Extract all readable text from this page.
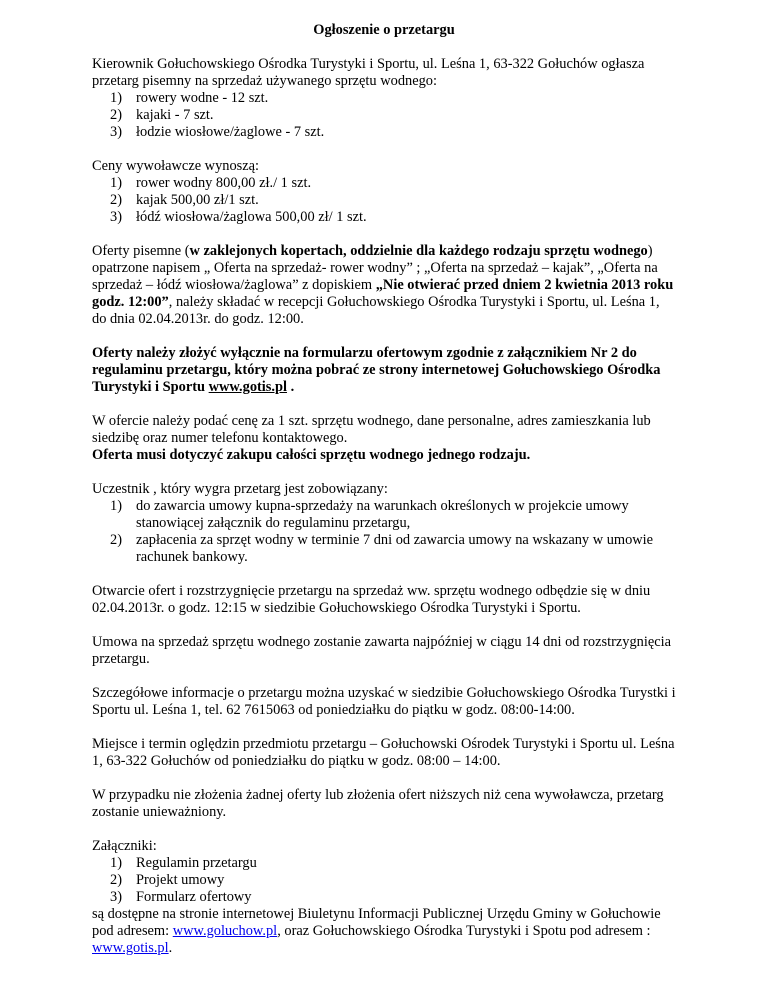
Ogłoszenie o przetargu

Kierownik Gołuchowskiego Ośrodka Turystyki i Sportu, ul. Leśna 1, 63-322 Gołuchów ogłasza przetarg pisemny na sprzedaż używanego sprzętu wodnego:

1) rowery wodne - 12 szt.
2) kajaki - 7 szt.
3) łodzie wiosłowe/żaglowe - 7 szt.

Ceny wywoławcze wynoszą:

1) rower wodny 800,00 zł./ 1 szt.
2) kajak 500,00 zł/1 szt.
3) łódź wiosłowa/żaglowa 500,00 zł/ 1 szt.

Oferty pisemne (w zaklejonych kopertach, oddzielnie dla każdego rodzaju sprzętu wodnego) opatrzone napisem „ Oferta na sprzedaż- rower wodny” ; „Oferta na sprzedaż – kajak”, „Oferta na sprzedaż – łódź wiosłowa/żaglowa” z dopiskiem „Nie otwierać przed dniem 2 kwietnia 2013 roku godz. 12:00”, należy składać w recepcji Gołuchowskiego Ośrodka Turystyki i Sportu, ul. Leśna 1, do dnia 02.04.2013r. do godz. 12:00.

Oferty należy złożyć wyłącznie na formularzu ofertowym zgodnie z załącznikiem Nr 2 do regulaminu przetargu, który można pobrać ze strony internetowej Gołuchowskiego Ośrodka Turystyki i Sportu www.gotis.pl .

W ofercie należy podać cenę za 1 szt. sprzętu wodnego, dane personalne, adres zamieszkania lub siedzibę oraz numer telefonu kontaktowego.

Oferta musi dotyczyć zakupu całości sprzętu wodnego jednego rodzaju.

Uczestnik , który wygra przetarg jest zobowiązany:

1) do zawarcia umowy kupna-sprzedaży na warunkach określonych w projekcie umowy stanowiącej załącznik do regulaminu przetargu,
2) zapłacenia za sprzęt wodny w terminie 7 dni od zawarcia umowy na wskazany w umowie rachunek bankowy.

Otwarcie ofert i rozstrzygnięcie przetargu na sprzedaż ww. sprzętu wodnego odbędzie się w dniu 02.04.2013r. o godz. 12:15 w siedzibie Gołuchowskiego Ośrodka Turystyki i Sportu.

Umowa na sprzedaż sprzętu wodnego zostanie zawarta najpóźniej w ciągu 14 dni od rozstrzygnięcia przetargu.

Szczegółowe informacje o przetargu można uzyskać w siedzibie Gołuchowskiego Ośrodka Turystki i Sportu ul. Leśna 1, tel. 62 7615063 od poniedziałku do piątku w godz. 08:00-14:00.

Miejsce i termin oględzin przedmiotu przetargu – Gołuchowski Ośrodek Turystyki i Sportu ul. Leśna 1, 63-322 Gołuchów od poniedziałku do piątku w godz. 08:00 – 14:00.

W przypadku nie złożenia żadnej oferty lub złożenia ofert niższych niż cena wywoławcza, przetarg zostanie unieważniony.

Załączniki:

1) Regulamin przetargu
2) Projekt umowy
3) Formularz ofertowy

są dostępne na stronie internetowej Biuletynu Informacji Publicznej Urzędu Gminy w Gołuchowie pod adresem: www.goluchow.pl, oraz Gołuchowskiego Ośrodka Turystyki i Spotu pod adresem : www.gotis.pl.
